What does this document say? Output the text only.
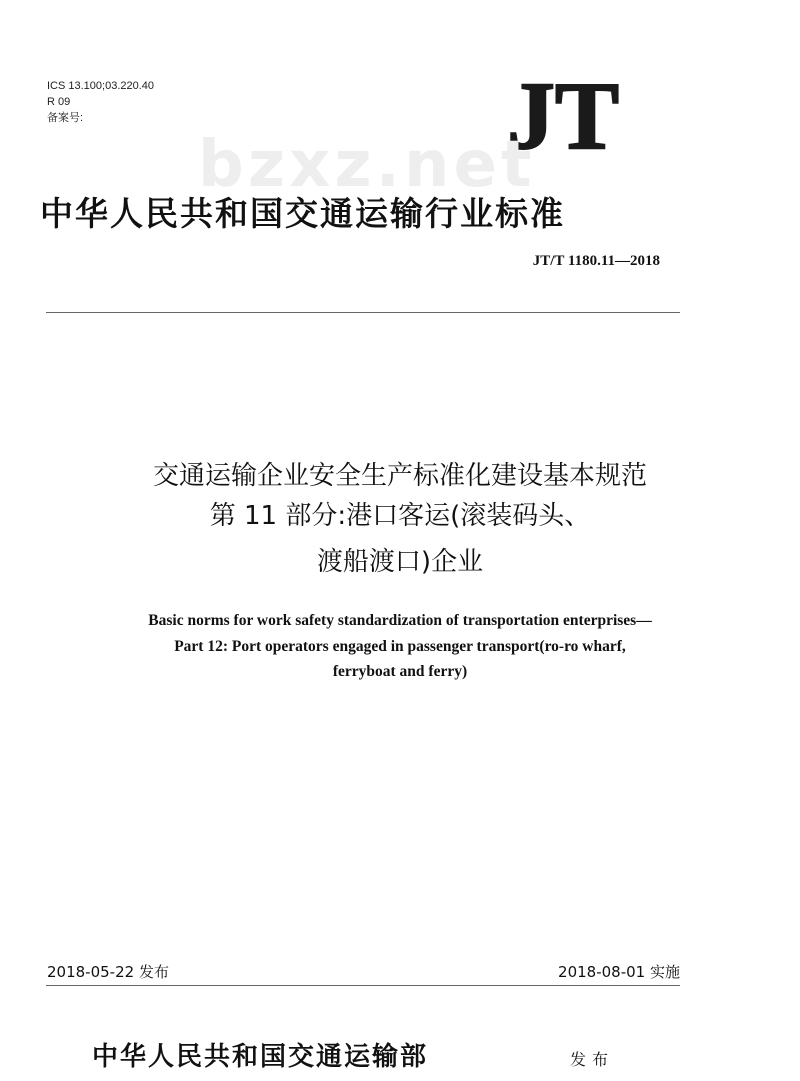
ICS 13.100;03.220.40
R 09
备案号:	JT
bzxz.net
中华人民共和国交通运输行业标准
JT/T 1180.11—2018
交通运输企业安全生产标准化建设基本规范
第 11 部分:港口客运(滚装码头、
渡船渡口)企业
Basic norms for work safety standardization of transportation enterprises—
Part 12: Port operators engaged in passenger transport(ro-ro wharf,
ferryboat and ferry)
2018-05-22 发布	2018-08-01 实施
中华人民共和国交通运输部	发布
